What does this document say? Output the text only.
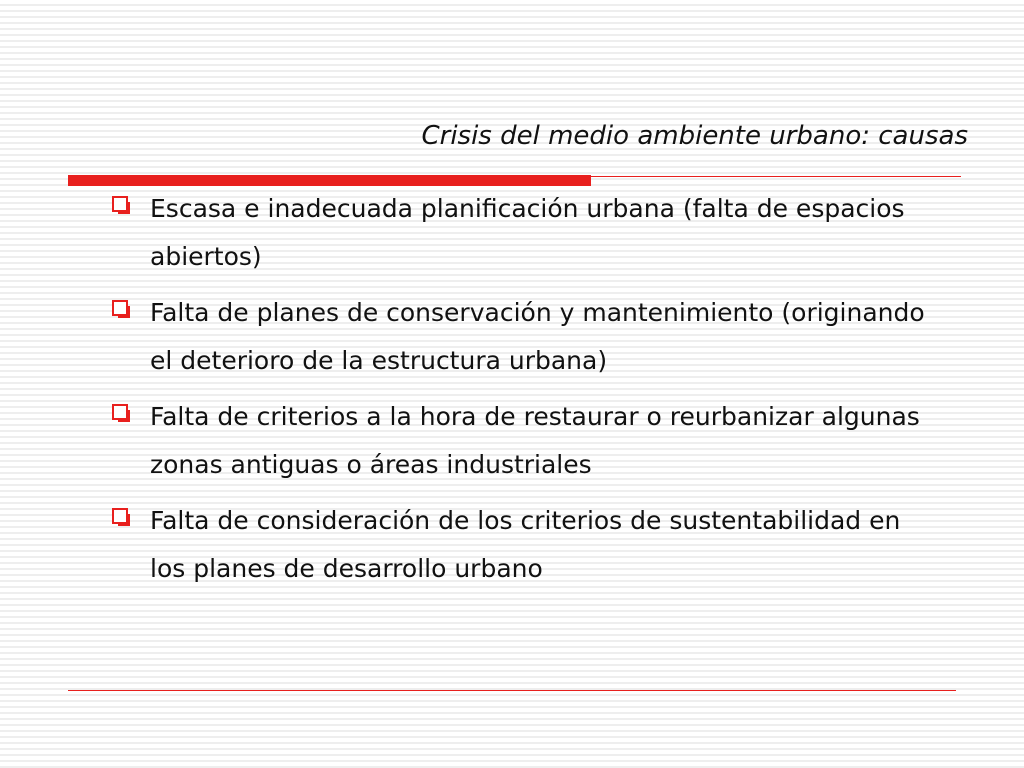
Crisis del medio ambiente urbano: causas
Escasa e inadecuada planificación urbana (falta de espacios abiertos)
Falta de planes de conservación y mantenimiento (originando el deterioro de la estructura urbana)
Falta de criterios a la hora de restaurar o reurbanizar algunas zonas antiguas o áreas industriales
Falta de consideración de los criterios de sustentabilidad en los planes de desarrollo urbano
